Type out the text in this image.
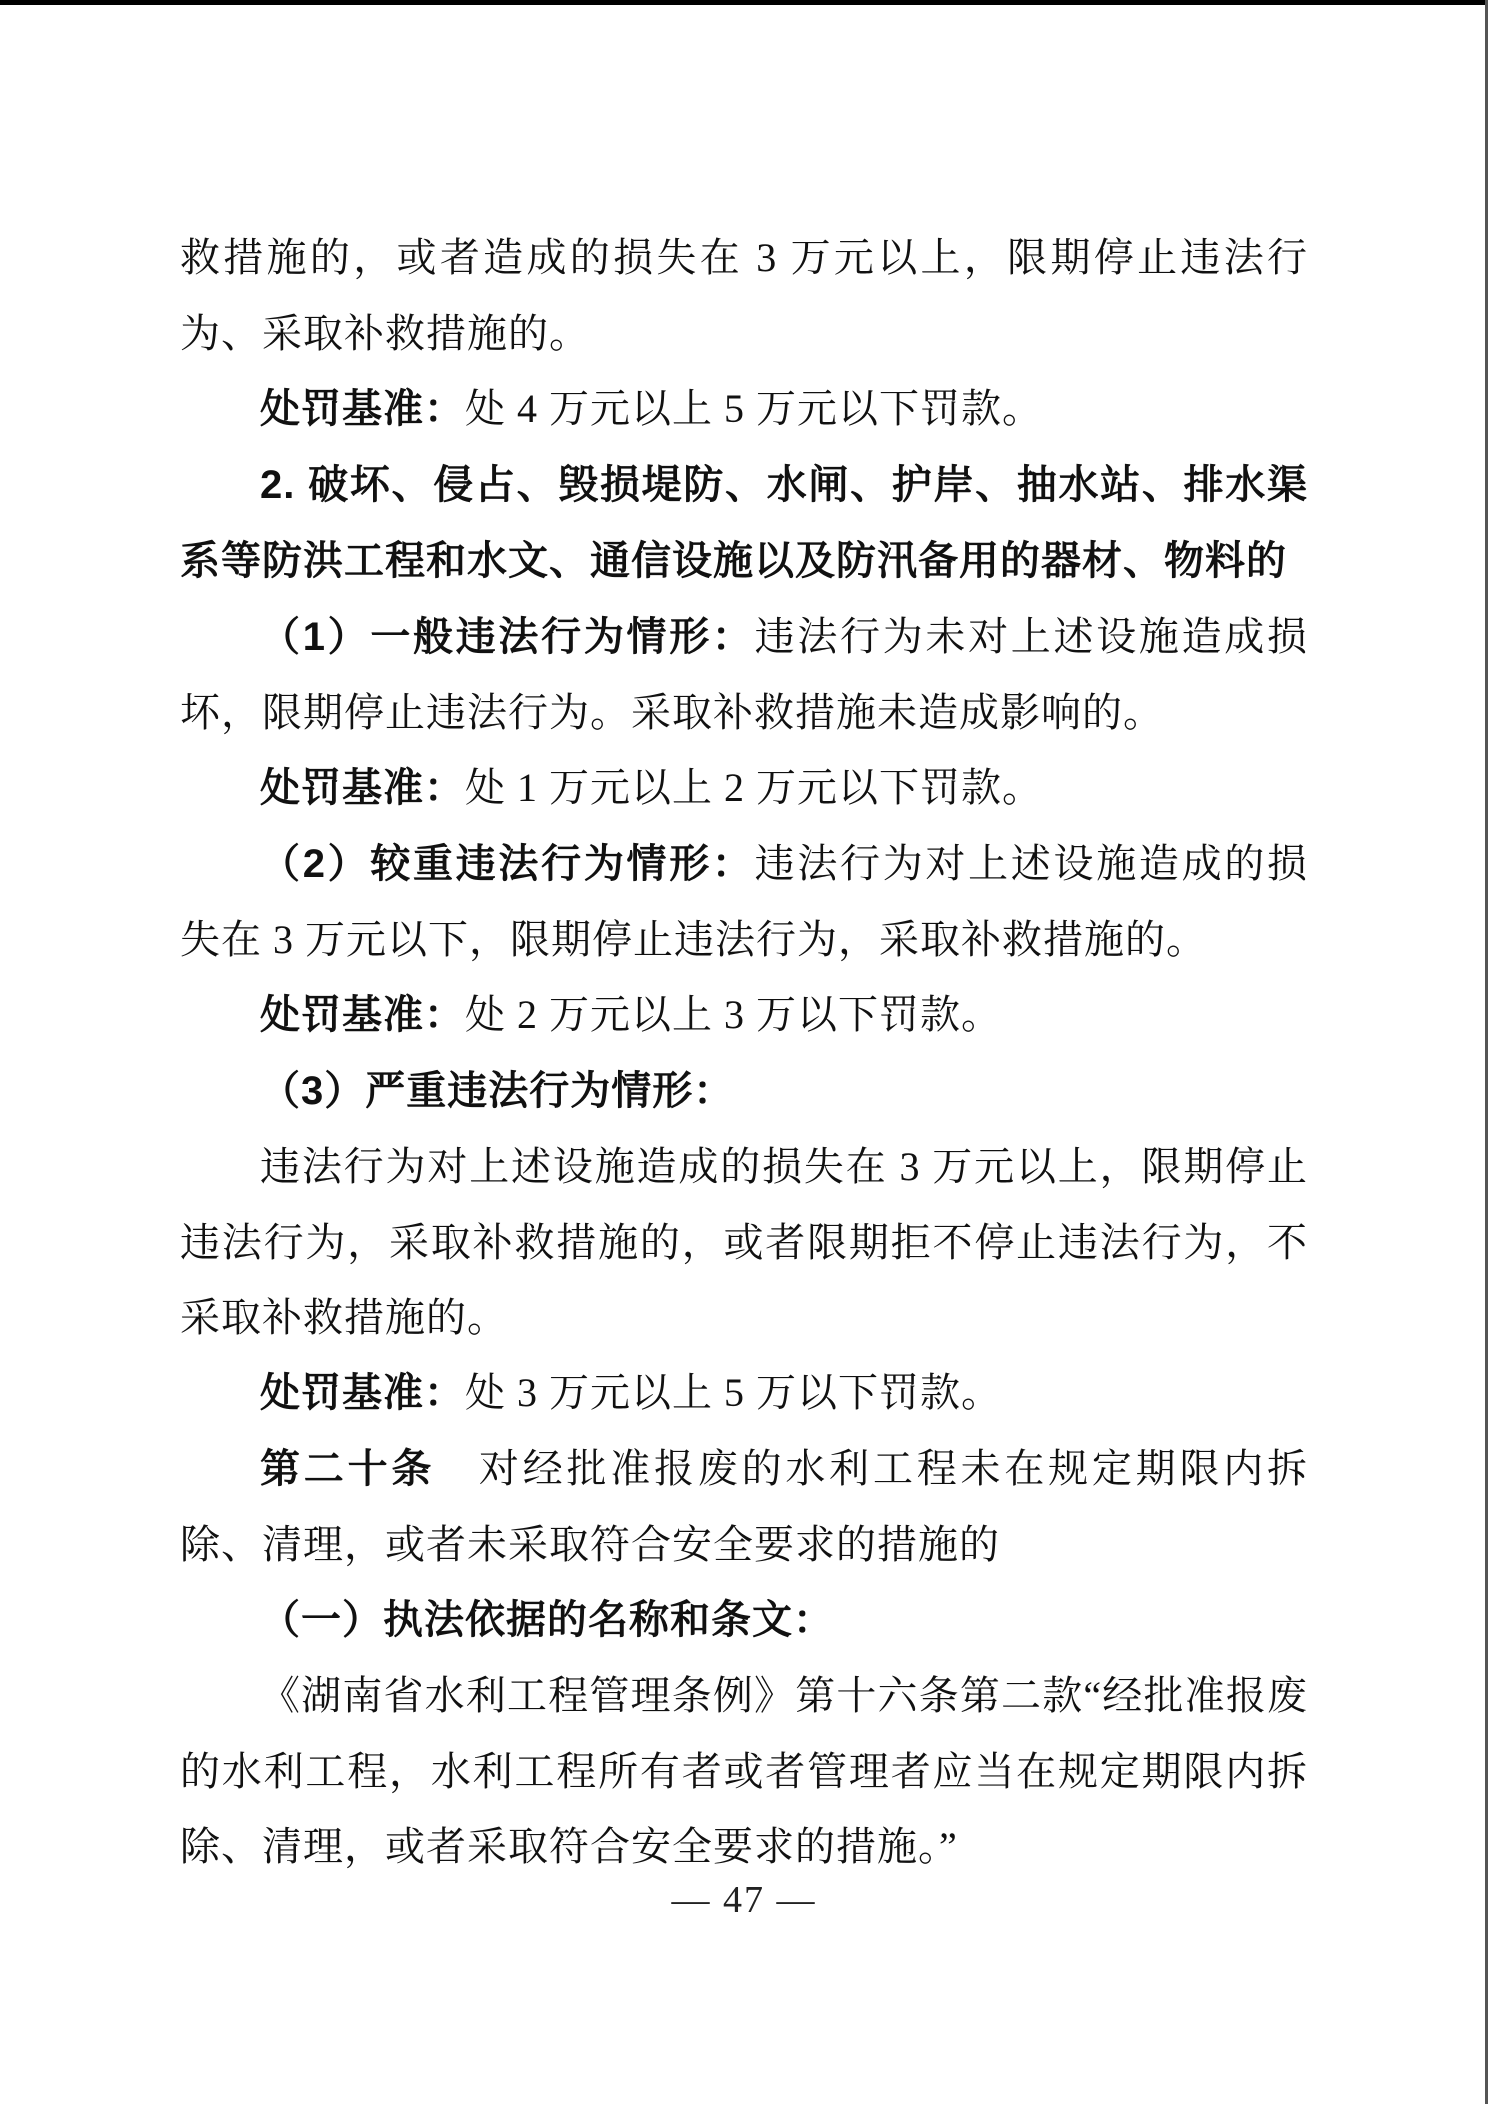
救措施的，或者造成的损失在 3 万元以上，限期停止违法行为、采取补救措施的。

处罚基准：处 4 万元以上 5 万元以下罚款。

2. 破坏、侵占、毁损堤防、水闸、护岸、抽水站、排水渠系等防洪工程和水文、通信设施以及防汛备用的器材、物料的

（1）一般违法行为情形：违法行为未对上述设施造成损坏，限期停止违法行为。采取补救措施未造成影响的。

处罚基准：处 1 万元以上 2 万元以下罚款。

（2）较重违法行为情形：违法行为对上述设施造成的损失在 3 万元以下，限期停止违法行为，采取补救措施的。

处罚基准：处 2 万元以上 3 万以下罚款。

（3）严重违法行为情形：

违法行为对上述设施造成的损失在 3 万元以上，限期停止违法行为，采取补救措施的，或者限期拒不停止违法行为，不采取补救措施的。

处罚基准：处 3 万元以上 5 万以下罚款。

第二十条　对经批准报废的水利工程未在规定期限内拆除、清理，或者未采取符合安全要求的措施的

（一）执法依据的名称和条文：

《湖南省水利工程管理条例》第十六条第二款“经批准报废的水利工程，水利工程所有者或者管理者应当在规定期限内拆除、清理，或者采取符合安全要求的措施。”

— 47 —
